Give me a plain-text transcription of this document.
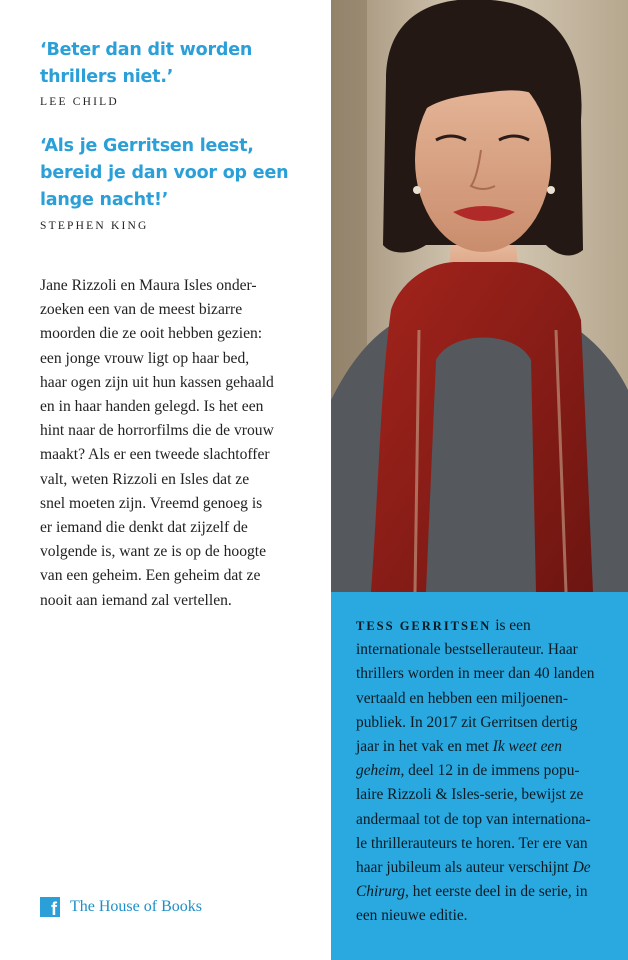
‘Beter dan dit worden
thrillers niet.’
LEE CHILD
‘Als je Gerritsen leest,
bereid je dan voor op een
lange nacht!’
STEPHEN KING
Jane Rizzoli en Maura Isles onder-
zoeken een van de meest bizarre
moorden die ze ooit hebben gezien:
een jonge vrouw ligt op haar bed,
haar ogen zijn uit hun kassen gehaald
en in haar handen gelegd. Is het een
hint naar de horrorfilms die de vrouw
maakt? Als er een tweede slachtoffer
valt, weten Rizzoli en Isles dat ze
snel moeten zijn. Vreemd genoeg is
er iemand die denkt dat zijzelf de
volgende is, want ze is op de hoogte
van een geheim. Een geheim dat ze
nooit aan iemand zal vertellen.
f The House of Books
TESS GERRITSEN is een
internationale bestsellerauteur. Haar
thrillers worden in meer dan 40 landen
vertaald en hebben een miljoenen-
publiek. In 2017 zit Gerritsen dertig
jaar in het vak en met Ik weet een
geheim, deel 12 in de immens popu-
laire Rizzoli & Isles-serie, bewijst ze
andermaal tot de top van internationa-
le thrillerauteurs te horen. Ter ere van
haar jubileum als auteur verschijnt De
Chirurg, het eerste deel in de serie, in
een nieuwe editie.
